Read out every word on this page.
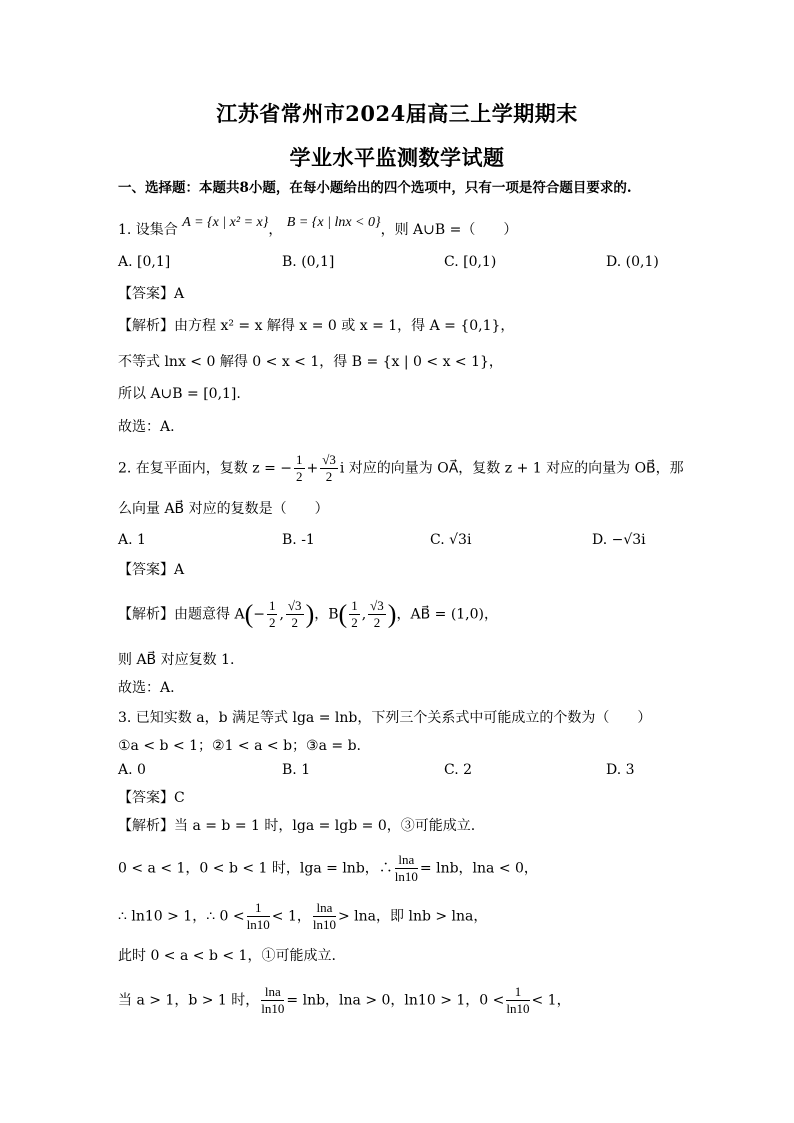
江苏省常州市2024届高三上学期期末
学业水平监测数学试题
一、选择题：本题共8小题，在每小题给出的四个选项中，只有一项是符合题目要求的.
1. 设集合 A = {x | x² = x}， B = {x | lnx < 0}，则 A∪B =（　　）
A. [0,1]	B. (0,1]	C. [0,1)	D. (0,1)
【答案】A
【解析】由方程 x² = x 解得 x = 0 或 x = 1，得 A = {0,1}，
不等式 lnx < 0 解得 0 < x < 1，得 B = {x | 0 < x < 1}，
所以 A∪B = [0,1].
故选：A.
2. 在复平面内，复数 z = − $\frac{1}{2} + \frac{√3}{2}$ i 对应的向量为 OA⃗，复数 z + 1 对应的向量为 OB⃗，那
么向量 AB⃗ 对应的复数是（　　）
A. 1	B. -1	C. √3i	D. −√3i
【答案】A
【解析】由题意得 $A(- \frac{1}{2}$ , $\frac{√3}{2}$ )，$B( \frac{1}{2}$ , $\frac{√3}{2}$ )，AB⃗ = (1,0)，
则 AB⃗ 对应复数 1.
故选：A.
3. 已知实数 a，b 满足等式 lga = lnb，下列三个关系式中可能成立的个数为（　　）
①a < b < 1；②1 < a < b；③a = b.
A. 0	B. 1	C. 2	D. 3
【答案】C
【解析】当 a = b = 1 时，lga = lgb = 0，③可能成立.
0 < a < 1，0 < b < 1 时，lga = lnb，∴ $\frac{\ln a}{\ln 10} = \ln b$，lna < 0，
∴ ln10 > 1，∴ $0 < \frac{1}{\ln 10} < 1$， $\frac{\ln a}{\ln 10} > \ln a$，即 lnb > lna，
此时 0 < a < b < 1，①可能成立.
当 a > 1，b > 1 时， $\frac{\ln a}{\ln 10} = \ln b$，lna > 0，ln10 > 1，$0 < \frac{1}{\ln 10} < 1$，
